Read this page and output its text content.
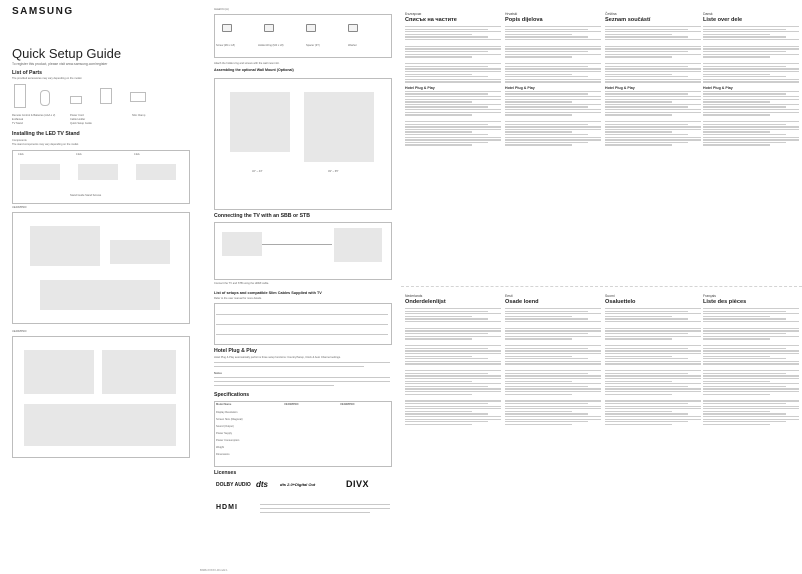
SAMSUNG
Quick Setup Guide
To register this product, please visit www.samsung.com/register
List of Parts
The provided accessories may vary depending on the model.
Remote Control & Batteries (AAA x 2)	Power Cord	Slim Clamp
E-Manual	Cable Holder
TV Stand	Quick Setup Guide
Installing the LED TV Stand
Components
The stand components may vary depending on the model.
4 EA	4 EA	4 EA
Stand Guide Stand Screws
UE43M5500
UE49M5500
Install Kit (A)
Screw (M4 x L8)	Holder-Ring (M4 x L8)	Spacer (3T)	Washer
Attach the holder-ring and screws with the wall mount kit.
Assembling the optional Wall Mount (Optional)
32" ~ 43"	49" ~ 65"
Connecting the TV with an SBB or STB
Connect the TV and STB using the HDMI cable.
List of setups and compatible Slim Cables Supplied with TV
Refer to the user manual for more details.
Hotel Plug & Play
Hotel Plug & Play automatically performs three setup functions: Country/Setup, Clock & Auto Channel settings.
Notice
Specifications
Model Name	UE43M5500	UE49M5500
Display Resolution
Screen Size (Diagonal)
Sound (Output)
Power Supply
Power Consumption
Weight
Dimensions
Licenses
DOLBY AUDIO dts	dts 2.0+Digital Out	DIVX
HDMI
BN68-XXXXX-00.indd 1
Български
Списък на частите
Hotel Plug & Play
Hrvatski
Popis dijelova
Hotel Plug & Play
Čeština
Seznam součástí
Hotel Plug & Play
Dansk
Liste over dele
Hotel Plug & Play
Nederlands
Onderdelenlijst
Eesti
Osade loend
Suomi
Osaluettelo
Français
Liste des pièces
